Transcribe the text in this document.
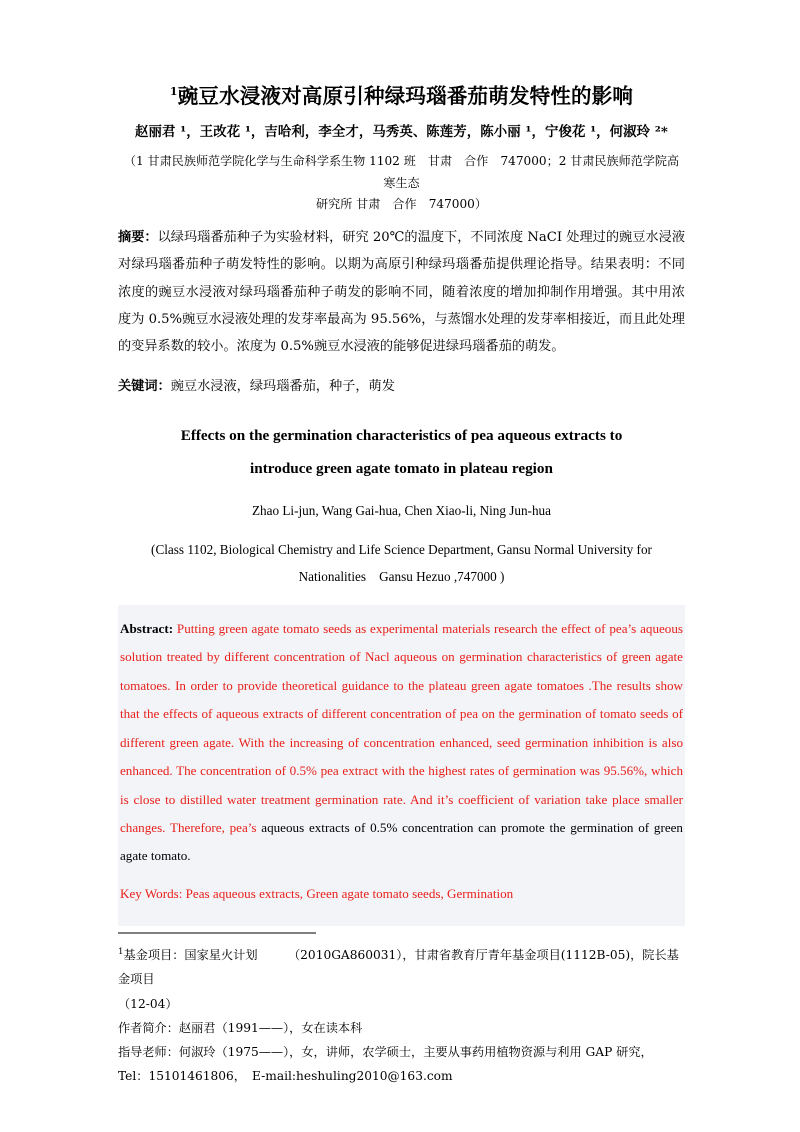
$^1$豌豆水浸液对高原引种绿玛瑙番茄萌发特性的影响
赵丽君 ¹，王改花 ¹，吉哈利，李全才，马秀英、陈莲芳，陈小丽 ¹，宁俊花 ¹，何淑玲 ²*
（1 甘肃民族师范学院化学与生命科学系生物 1102 班　甘肃　合作　747000；2 甘肃民族师范学院高寒生态
研究所 甘肃　合作　747000）

摘要：以绿玛瑙番茄种子为实验材料，研究 20℃的温度下，不同浓度 NaCI 处理过的豌豆水浸液对绿玛瑙番茄种子萌发特性的影响。以期为高原引种绿玛瑙番茄提供理论指导。结果表明：不同浓度的豌豆水浸液对绿玛瑙番茄种子萌发的影响不同，随着浓度的增加抑制作用增强。其中用浓度为 0.5%豌豆水浸液处理的发芽率最高为 95.56%，与蒸馏水处理的发芽率相接近，而且此处理的变异系数的较小。浓度为 0.5%豌豆水浸液的能够促进绿玛瑙番茄的萌发。

关键词：豌豆水浸液，绿玛瑙番茄，种子，萌发

Effects on the germination characteristics of pea aqueous extracts to
introduce green agate tomato in plateau region
Zhao Li-jun, Wang Gai-hua, Chen Xiao-li, Ning Jun-hua
(Class 1102, Biological Chemistry and Life Science Department, Gansu Normal University for
Nationalities　Gansu Hezuo ,747000 )

Abstract: Putting green agate tomato seeds as experimental materials research the effect of pea’s aqueous solution treated by different concentration of Nacl aqueous on germination characteristics of green agate tomatoes. In order to provide theoretical guidance to the plateau green agate tomatoes .The results show that the effects of aqueous extracts of different concentration of pea on the germination of tomato seeds of different green agate. With the increasing of concentration enhanced, seed germination inhibition is also enhanced. The concentration of 0.5% pea extract with the highest rates of germination was 95.56%, which is close to distilled water treatment germination rate. And it’s coefficient of variation take place smaller changes. Therefore, pea’s aqueous extracts of 0.5% concentration can promote the germination of green agate tomato.

Key Words: Peas aqueous extracts, Green agate tomato seeds, Germination

$^1$基金项目：国家星火计划　　　（2010GA860031），甘肃省教育厅青年基金项目(1112B-05)，院长基金项目

（12-04）

作者简介：赵丽君（1991——），女在读本科

指导老师：何淑玲（1975——），女，讲师，农学硕士，主要从事药用植物资源与利用 GAP 研究，

Tel：15101461806，　E-mail:heshuling2010@163.com
